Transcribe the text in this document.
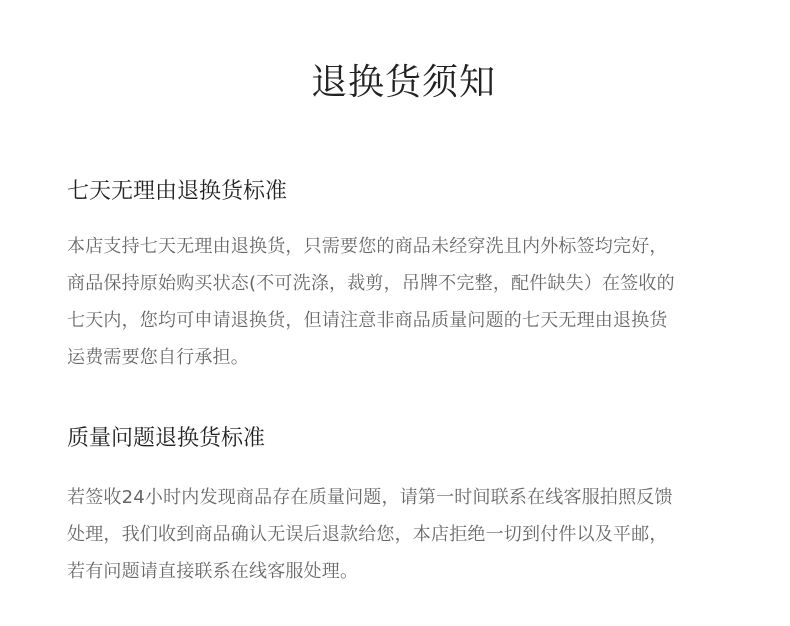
退换货须知
七天无理由退换货标准

本店支持七天无理由退换货，只需要您的商品未经穿洗且内外标签均完好，
商品保持原始购买状态(不可洗涤，裁剪，吊牌不完整，配件缺失）在签收的
七天内，您均可申请退换货，但请注意非商品质量问题的七天无理由退换货
运费需要您自行承担。

质量问题退换货标准

若签收24小时内发现商品存在质量问题，请第一时间联系在线客服拍照反馈
处理，我们收到商品确认无误后退款给您，本店拒绝一切到付件以及平邮，
若有问题请直接联系在线客服处理。
